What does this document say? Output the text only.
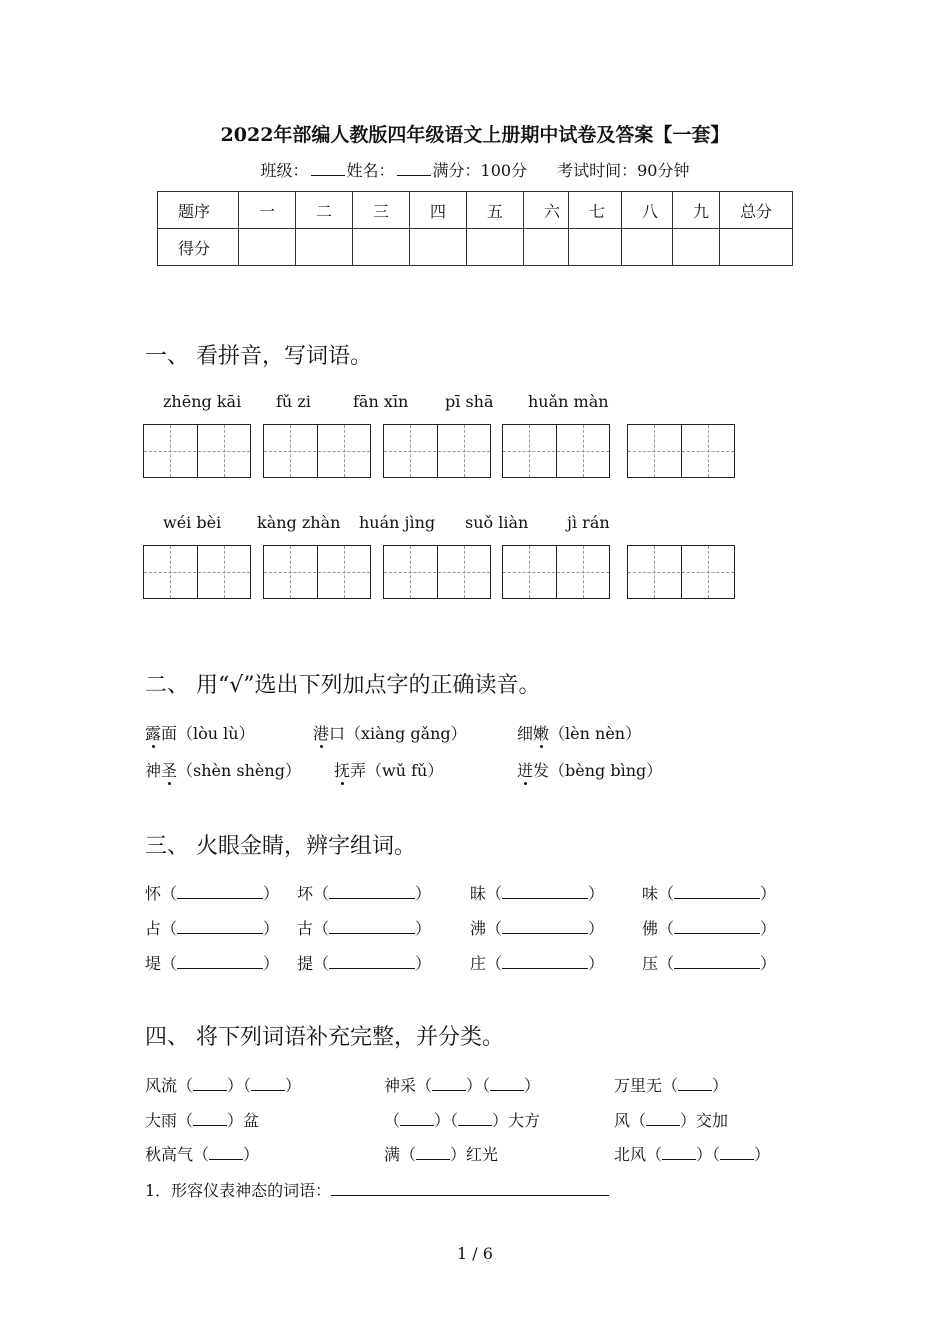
2022年部编人教版四年级语文上册期中试卷及答案【一套】
班级： 姓名： 满分：100分 考试时间：90分钟
题序	一	二	三	四	五	六	七	八	九	总分
得分										
一、 看拼音，写词语。
zhēng kāi fǔ zi	fān xīn pī shā huǎn màn
wéi bèi kàng zhàn huán jìng suǒ liàn jì rán
二、 用“√”选出下列加点字的正确读音。
露面（lòu lù）	港口（xiàng gǎng）	细嫩（lèn nèn）
神圣（shèn shèng） 抚弄（wǔ fǔ）	迸发（bèng bìng）
三、 火眼金睛，辨字组词。
怀（	） 坏（	） 昧（	） 味（	）
占（	） 古（	） 沸（	） 佛（	）
堤（	） 提（	） 庄（	） 压（	）
四、 将下列词语补充完整，并分类。
风流（ ）（ ）	神采（ ）（ ）	万里无（ ）
大雨（ ）盆	（ ）（ ）大方	风（ ）交加
秋高气（ ）	满（ ）红光	北风（ ）（ ）
1．形容仪表神态的词语：
1 / 6
